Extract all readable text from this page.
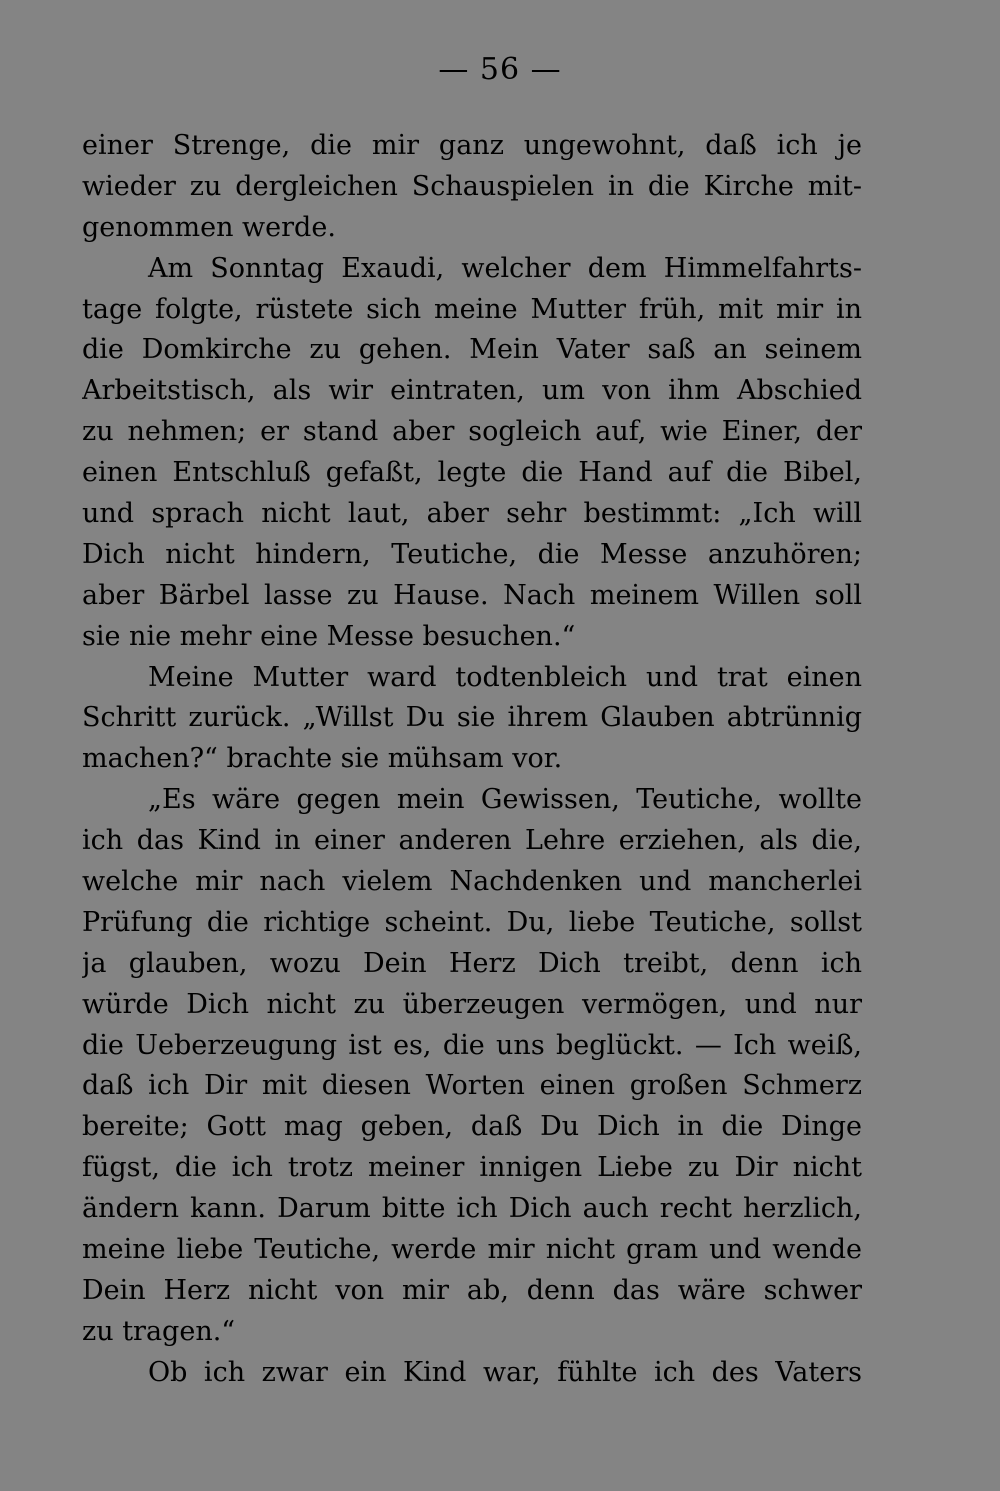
— 56 —
einer Strenge, die mir ganz ungewohnt, daß ich je
wieder zu dergleichen Schauspielen in die Kirche mit-
genommen werde.
Am Sonntag Exaudi, welcher dem Himmelfahrts-
tage folgte, rüstete sich meine Mutter früh, mit mir in
die Domkirche zu gehen. Mein Vater saß an seinem
Arbeitstisch, als wir eintraten, um von ihm Abschied
zu nehmen; er stand aber sogleich auf, wie Einer, der
einen Entschluß gefaßt, legte die Hand auf die Bibel,
und sprach nicht laut, aber sehr bestimmt: „Ich will
Dich nicht hindern, Teutiche, die Messe anzuhören;
aber Bärbel lasse zu Hause. Nach meinem Willen soll
sie nie mehr eine Messe besuchen.“
Meine Mutter ward todtenbleich und trat einen
Schritt zurück. „Willst Du sie ihrem Glauben abtrünnig
machen?“ brachte sie mühsam vor.
„Es wäre gegen mein Gewissen, Teutiche, wollte
ich das Kind in einer anderen Lehre erziehen, als die,
welche mir nach vielem Nachdenken und mancherlei
Prüfung die richtige scheint. Du, liebe Teutiche, sollst
ja glauben, wozu Dein Herz Dich treibt, denn ich
würde Dich nicht zu überzeugen vermögen, und nur
die Ueberzeugung ist es, die uns beglückt. — Ich weiß,
daß ich Dir mit diesen Worten einen großen Schmerz
bereite; Gott mag geben, daß Du Dich in die Dinge
fügst, die ich trotz meiner innigen Liebe zu Dir nicht
ändern kann. Darum bitte ich Dich auch recht herzlich,
meine liebe Teutiche, werde mir nicht gram und wende
Dein Herz nicht von mir ab, denn das wäre schwer
zu tragen.“
Ob ich zwar ein Kind war, fühlte ich des Vaters
